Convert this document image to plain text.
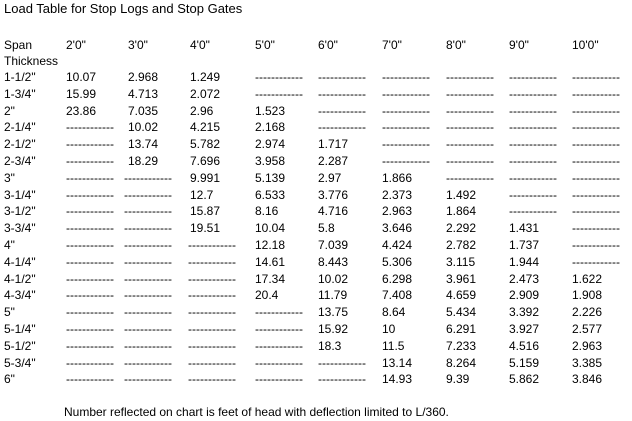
Load Table for Stop Logs and Stop Gates
Span	2'0"	3'0"	4'0"	5'0"	6'0"	7'0"	8'0"	9'0"	10'0"
Thickness
1-1/2"	10.07	2.968	1.249	------------ ------------ ------------ ------------ ------------ ------------
1-3/4"	15.99	4.713	2.072	------------ ------------ ------------ ------------ ------------ ------------
2"	23.86	7.035	2.96	1.523	------------ ------------ ------------ ------------ ------------
2-1/4"	------------ 10.02	4.215	2.168	------------ ------------ ------------ ------------ ------------
2-1/2"	------------ 13.74	5.782	2.974	1.717	------------ ------------ ------------ ------------
2-3/4"	------------ 18.29	7.696	3.958	2.287	------------ ------------ ------------ ------------
3"	------------ ------------ 9.991	5.139	2.97	1.866	------------ ------------ ------------
3-1/4"	------------ ------------ 12.7	6.533	3.776	2.373	1.492	------------ ------------
3-1/2"	------------ ------------ 15.87	8.16	4.716	2.963	1.864	------------ ------------
3-3/4"	------------ ------------ 19.51	10.04	5.8	3.646	2.292	1.431	------------
4"	------------ ------------ ------------ 12.18	7.039	4.424	2.782	1.737	------------
4-1/4"	------------ ------------ ------------ 14.61	8.443	5.306	3.115	1.944	------------
4-1/2"	------------ ------------ ------------ 17.34	10.02	6.298	3.961	2.473	1.622
4-3/4"	------------ ------------ ------------ 20.4	11.79	7.408	4.659	2.909	1.908
5"	------------ ------------ ------------ ------------ 13.75	8.64	5.434	3.392	2.226
5-1/4"	------------ ------------ ------------ ------------ 15.92	10	6.291	3.927	2.577
5-1/2"	------------ ------------ ------------ ------------ 18.3	11.5	7.233	4.516	2.963
5-3/4"	------------ ------------ ------------ ------------ ------------ 13.14	8.264	5.159	3.385
6"	------------ ------------ ------------ ------------ ------------ 14.93	9.39	5.862	3.846
Number reflected on chart is feet of head with deflection limited to L/360.
